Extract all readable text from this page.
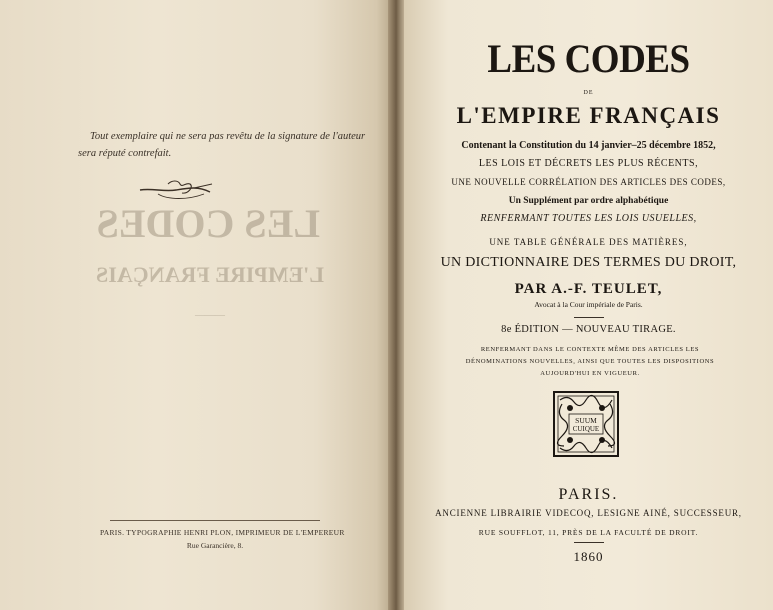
Tout exemplaire qui ne sera pas revêtu de la signature de l'auteur sera réputé contrefait.
LES CODES
L'EMPIRE FRANÇAIS
———
PARIS. TYPOGRAPHIE HENRI PLON, IMPRIMEUR DE L'EMPEREUR
Rue Garancière, 8.
LES CODES
DE
L'EMPIRE FRANÇAIS
Contenant la Constitution du 14 janvier–25 décembre 1852,
LES LOIS ET DÉCRETS LES PLUS RÉCENTS,
UNE NOUVELLE CORRÉLATION DES ARTICLES DES CODES,
Un Supplément par ordre alphabétique
RENFERMANT TOUTES LES LOIS USUELLES,
UNE TABLE GÉNÉRALE DES MATIÈRES,
UN DICTIONNAIRE DES TERMES DU DROIT,
PAR A.-F. TEULET,
Avocat à la Cour impériale de Paris.
8e ÉDITION — NOUVEAU TIRAGE.
RENFERMANT DANS LE CONTEXTE MÊME DES ARTICLES LES DÉNOMINATIONS NOUVELLES, AINSI QUE TOUTES LES DISPOSITIONS AUJOURD'HUI EN VIGUEUR.
SUUM
CUIQUE
PARIS.
ANCIENNE LIBRAIRIE VIDECOQ, LESIGNE AINÉ, SUCCESSEUR,
RUE SOUFFLOT, 11, PRÈS DE LA FACULTÉ DE DROIT.
1860
